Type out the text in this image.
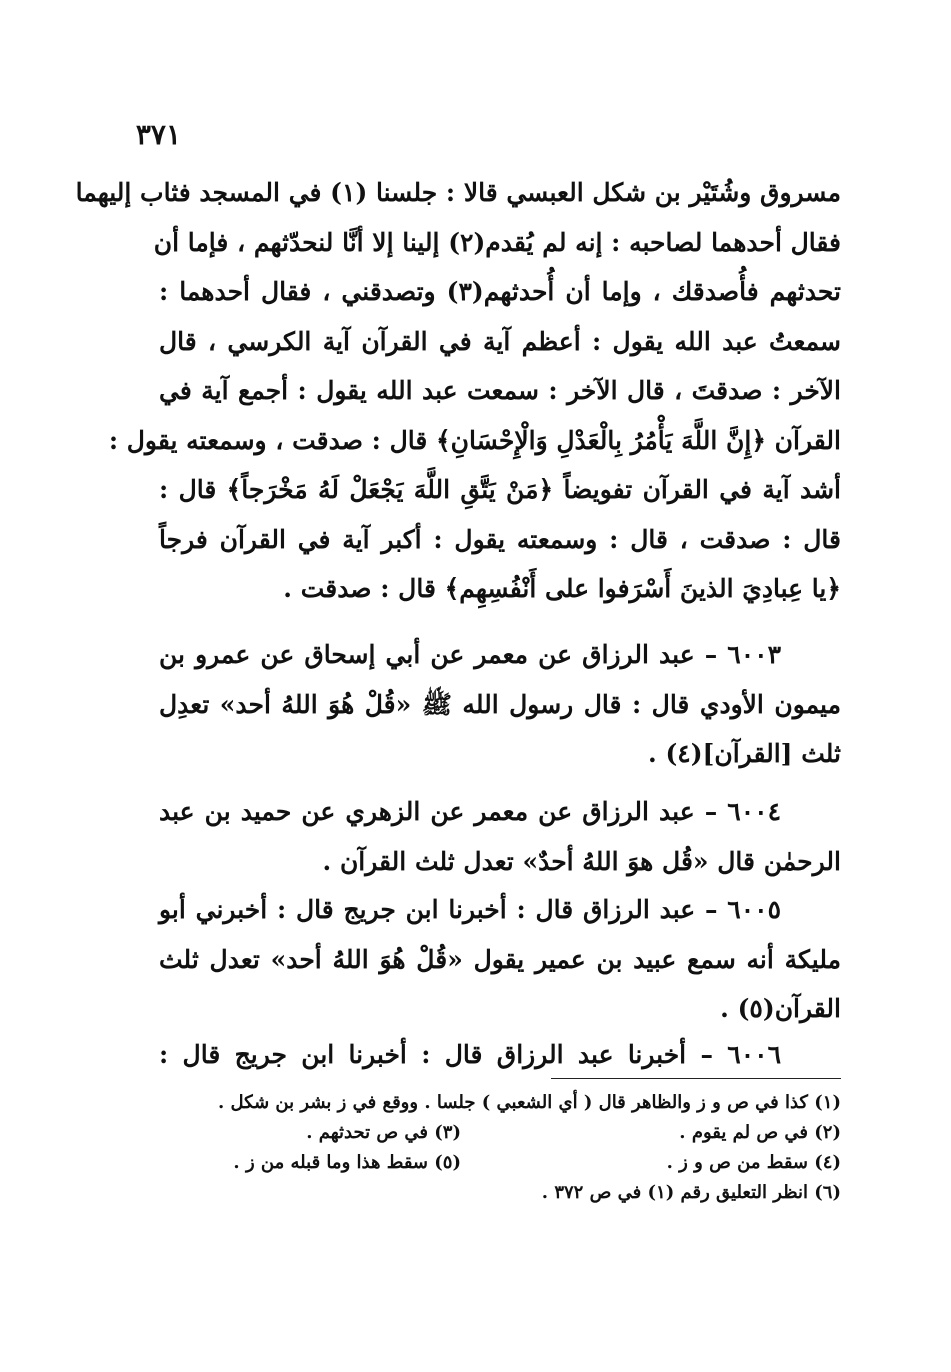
٣٧١
مسروق وشُتَيْر بن شكل العبسي قالا : جلسنا (١) في المسجد فثاب إليهما
فقال أحدهما لصاحبه : إنه لم يُقدم(٢) إلينا إلا أنَّا لنحدّثهم ، فإما أن
تحدثهم فأُصدقك ، وإما أن أُحدثهم(٣) وتصدقني ، فقال أحدهما :
سمعتُ عبد الله يقول : أعظم آية في القرآن آية الكرسي ، قال
الآخر : صدقتَ ، قال الآخر : سمعت عبد الله يقول : أجمع آية في
القرآن ﴿إِنَّ اللَّهَ يَأْمُرُ بِالْعَدْلِ وَالْإِحْسَانِ﴾ قال : صدقت ، وسمعته يقول :
أشد آية في القرآن تفويضاً ﴿مَنْ يَتَّقِ اللَّهَ يَجْعَلْ لَهُ مَخْرَجاً﴾ قال :
قال : صدقت ، قال : وسمعته يقول : أكبر آية في القرآن فرجاً
﴿يا عِبادِيَ الذينَ أَسْرَفوا على أَنْفُسِهِم﴾ قال : صدقت .
٦٠٠٣ – عبد الرزاق عن معمر عن أبي إسحاق عن عمرو بن
ميمون الأودي قال : قال رسول الله ﷺ «قُلْ هُوَ اللهُ أحد» تعدِل
ثلث [القرآن](٤) .
٦٠٠٤ – عبد الرزاق عن معمر عن الزهري عن حميد بن عبد
الرحمٰن قال «قُل هوَ اللهُ أحدٌ» تعدل ثلث القرآن .
٦٠٠٥ – عبد الرزاق قال : أخبرنا ابن جريج قال : أخبرني أبو
مليكة أنه سمع عبيد بن عمير يقول «قُلْ هُوَ اللهُ أحد» تعدل ثلث
القرآن(٥) .
٦٠٠٦ – أخبرنا عبد الرزاق قال : أخبرنا ابن جريج قال :
(١) كذا في ص و ز والظاهر قال ( أي الشعبي ) جلسا . ووقع في ز بشر بن شكل .
(٢) في ص لم يقوم .
(٣) في ص تحدثهم .
(٤) سقط من ص و ز .
(٥) سقط هذا وما قبله من ز .
(٦) انظر التعليق رقم (١) في ص ٣٧٢ .
